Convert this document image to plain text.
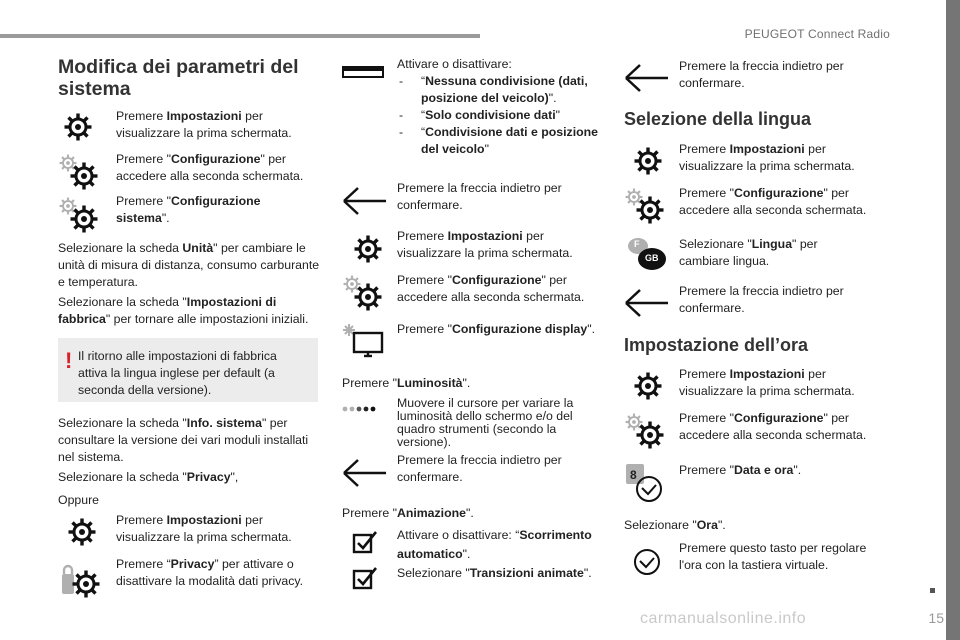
PEUGEOT Connect Radio
15
carmanualsonline.info
Modifica dei parametri del sistema

Premere Impostazioni per visualizzare la prima schermata.

Premere "Configurazione" per accedere alla seconda schermata.

Premere "Configurazione sistema".

Selezionare la scheda Unità" per cambiare le unità di misura di distanza, consumo carburante e temperatura.

Selezionare la scheda "Impostazioni di fabbrica" per tornare alle impostazioni iniziali.

! Il ritorno alle impostazioni di fabbrica attiva la lingua inglese per default (a seconda della versione).

Selezionare la scheda "Info. sistema" per consultare la versione dei vari moduli installati nel sistema.

Selezionare la scheda "Privacy",

Oppure

Premere Impostazioni per visualizzare la prima schermata.

Premere “Privacy” per attivare o disattivare la modalità dati privacy.

Attivare o disattivare:

- “Nessuna condivisione (dati, posizione del veicolo)".
- “Solo condivisione dati"
- “Condivisione dati e posizione del veicolo"

Premere la freccia indietro per confermare.

Premere Impostazioni per visualizzare la prima schermata.

Premere "Configurazione" per accedere alla seconda schermata.

Premere "Configurazione display".

Premere "Luminosità".

Muovere il cursore per variare la luminosità dello schermo e/o del quadro strumenti (secondo la versione).

Premere la freccia indietro per confermare.

Premere "Animazione".

Attivare o disattivare: “Scorrimento automatico".

Selezionare "Transizioni animate".

Premere la freccia indietro per confermare.

Selezione della lingua

Premere Impostazioni per visualizzare la prima schermata.

Premere "Configurazione" per accedere alla seconda schermata.

F
GB

Selezionare "Lingua" per cambiare lingua.

Premere la freccia indietro per confermare.

Impostazione dell’ora

Premere Impostazioni per visualizzare la prima schermata.

Premere "Configurazione" per accedere alla seconda schermata.

8	Premere "Data e ora".

Selezionare "Ora".

Premere questo tasto per regolare l'ora con la tastiera virtuale.
